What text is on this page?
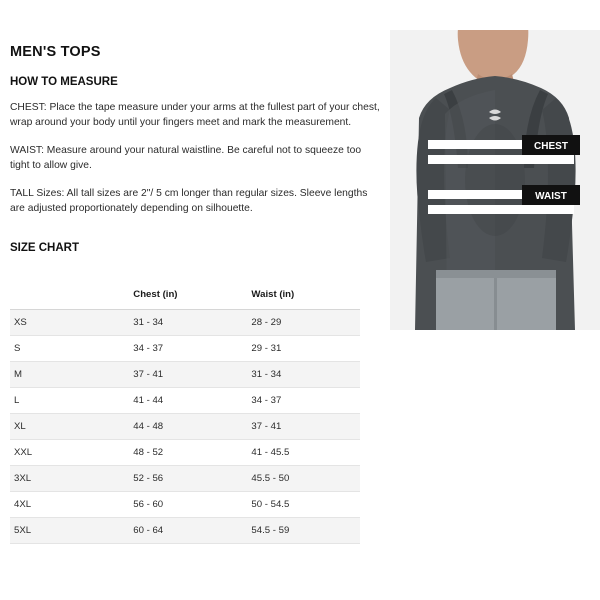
CHEST
WAIST
MEN'S TOPS
HOW TO MEASURE

CHEST: Place the tape measure under your arms at the fullest part of your chest, wrap around your body until your fingers meet and mark the measurement.

WAIST: Measure around your natural waistline. Be careful not to squeeze too tight to allow give.

TALL Sizes: All tall sizes are 2"/ 5 cm longer than regular sizes. Sleeve lengths are adjusted proportionately depending on silhouette.

SIZE CHART
	Chest (in)	Waist (in)
XS	31 - 34	28 - 29
S	34 - 37	29 - 31
M	37 - 41	31 - 34
L	41 - 44	34 - 37
XL	44 - 48	37 - 41
XXL	48 - 52	41 - 45.5
3XL	52 - 56	45.5 - 50
4XL	56 - 60	50 - 54.5
5XL	60 - 64	54.5 - 59
